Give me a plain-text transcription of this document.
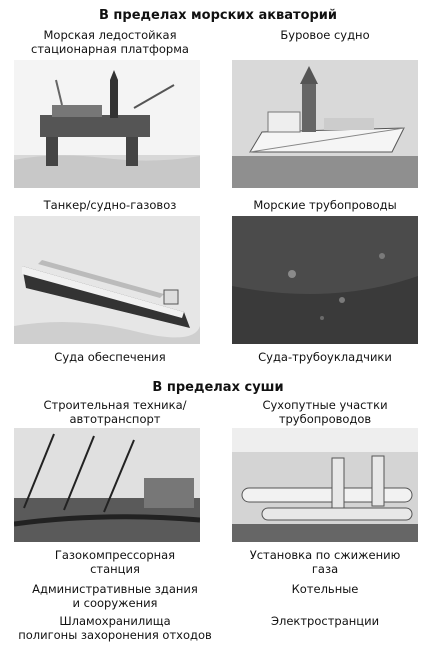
В пределах морских акваторий
Морская ледостойкая
стационарная платформа
Буровое судно
Танкер/судно-газовоз	Морские трубопроводы
Суда обеспечения	Суда-трубоукладчики
В пределах суши
Строительная техника/
автотранспорт
Сухопутные участки
трубопроводов
Газокомпрессорная
станция
Установка по сжижению
газа
Административные здания
и сооружения
Котельные
Шламохранилища
полигоны захоронения отходов
Электространции
